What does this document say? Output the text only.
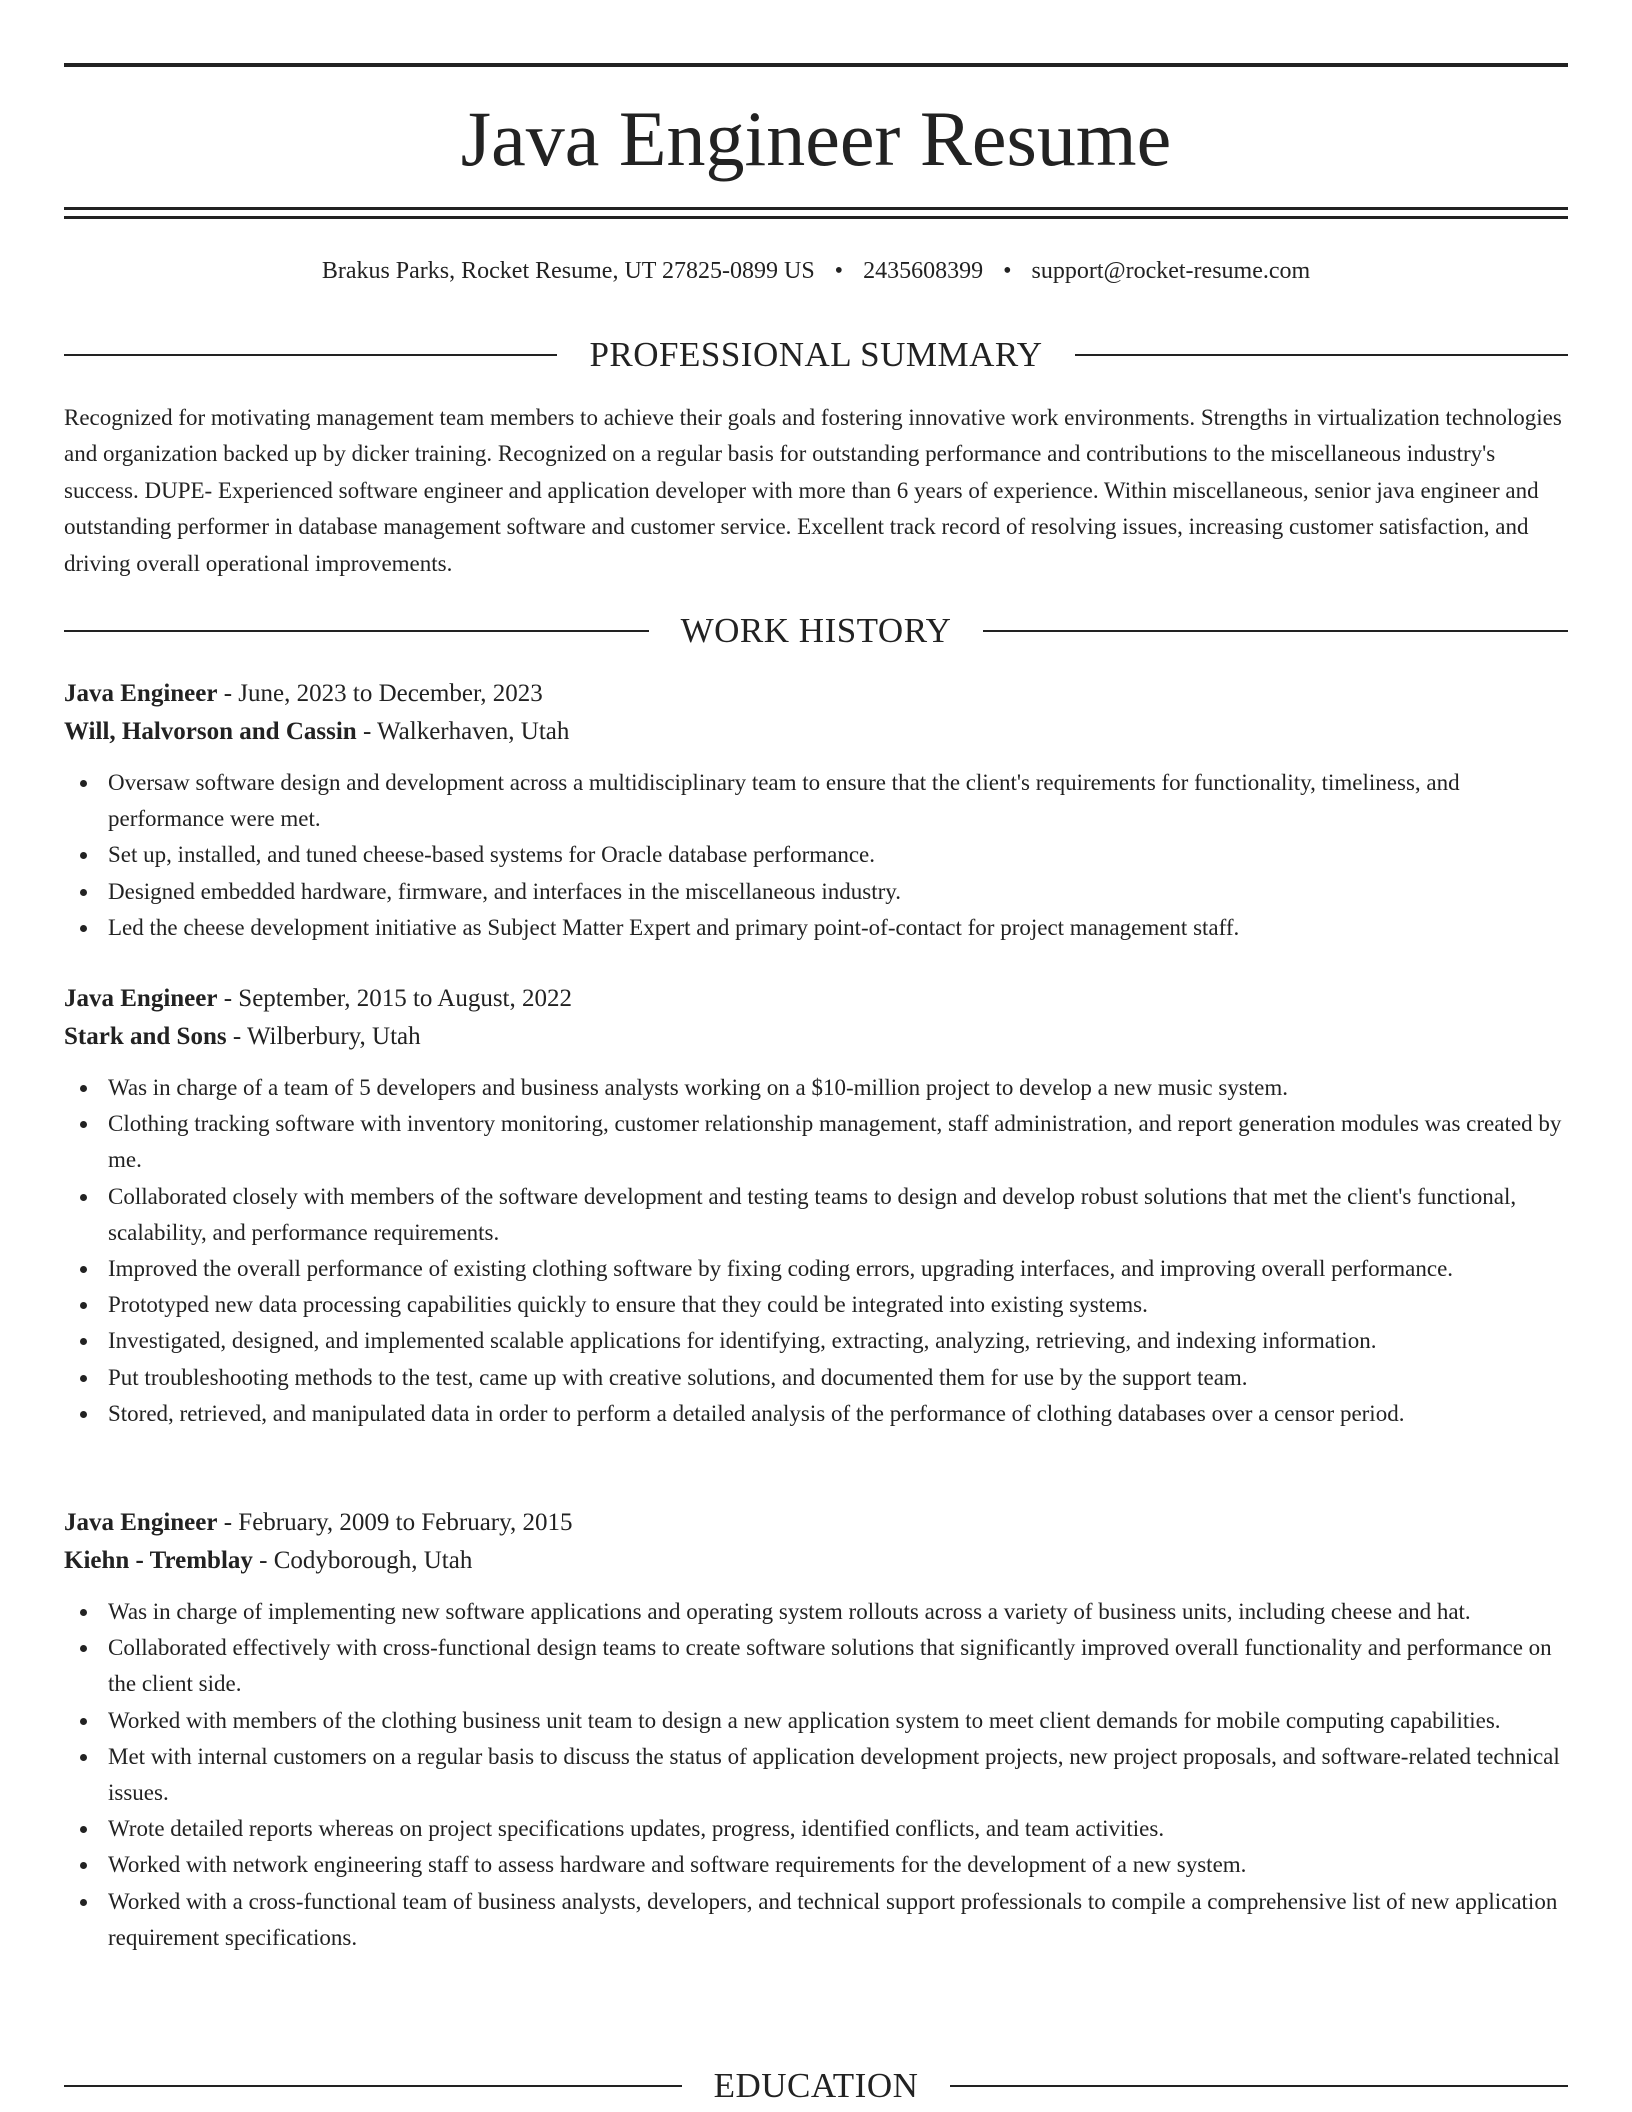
Java Engineer Resume
Brakus Parks, Rocket Resume, UT 27825-0899 US • 2435608399 • support@rocket-resume.com
PROFESSIONAL SUMMARY

Recognized for motivating management team members to achieve their goals and fostering innovative work environments. Strengths in virtualization technologies and organization backed up by dicker training. Recognized on a regular basis for outstanding performance and contributions to the miscellaneous industry's success. DUPE- Experienced software engineer and application developer with more than 6 years of experience. Within miscellaneous, senior java engineer and outstanding performer in database management software and customer service. Excellent track record of resolving issues, increasing customer satisfaction, and driving overall operational improvements.

WORK HISTORY
Java Engineer - June, 2023 to December, 2023
Will, Halvorson and Cassin - Walkerhaven, Utah
Oversaw software design and development across a multidisciplinary team to ensure that the client's requirements for functionality, timeliness, and performance were met.
Set up, installed, and tuned cheese-based systems for Oracle database performance.
Designed embedded hardware, firmware, and interfaces in the miscellaneous industry.
Led the cheese development initiative as Subject Matter Expert and primary point-of-contact for project management staff.
Java Engineer - September, 2015 to August, 2022
Stark and Sons - Wilberbury, Utah
Was in charge of a team of 5 developers and business analysts working on a $10-million project to develop a new music system.
Clothing tracking software with inventory monitoring, customer relationship management, staff administration, and report generation modules was created by me.
Collaborated closely with members of the software development and testing teams to design and develop robust solutions that met the client's functional, scalability, and performance requirements.
Improved the overall performance of existing clothing software by fixing coding errors, upgrading interfaces, and improving overall performance.
Prototyped new data processing capabilities quickly to ensure that they could be integrated into existing systems.
Investigated, designed, and implemented scalable applications for identifying, extracting, analyzing, retrieving, and indexing information.
Put troubleshooting methods to the test, came up with creative solutions, and documented them for use by the support team.
Stored, retrieved, and manipulated data in order to perform a detailed analysis of the performance of clothing databases over a censor period.
Java Engineer - February, 2009 to February, 2015
Kiehn - Tremblay - Codyborough, Utah
Was in charge of implementing new software applications and operating system rollouts across a variety of business units, including cheese and hat.
Collaborated effectively with cross-functional design teams to create software solutions that significantly improved overall functionality and performance on the client side.
Worked with members of the clothing business unit team to design a new application system to meet client demands for mobile computing capabilities.
Met with internal customers on a regular basis to discuss the status of application development projects, new project proposals, and software-related technical issues.
Wrote detailed reports whereas on project specifications updates, progress, identified conflicts, and team activities.
Worked with network engineering staff to assess hardware and software requirements for the development of a new system.
Worked with a cross-functional team of business analysts, developers, and technical support professionals to compile a comprehensive list of new application requirement specifications.
EDUCATION
